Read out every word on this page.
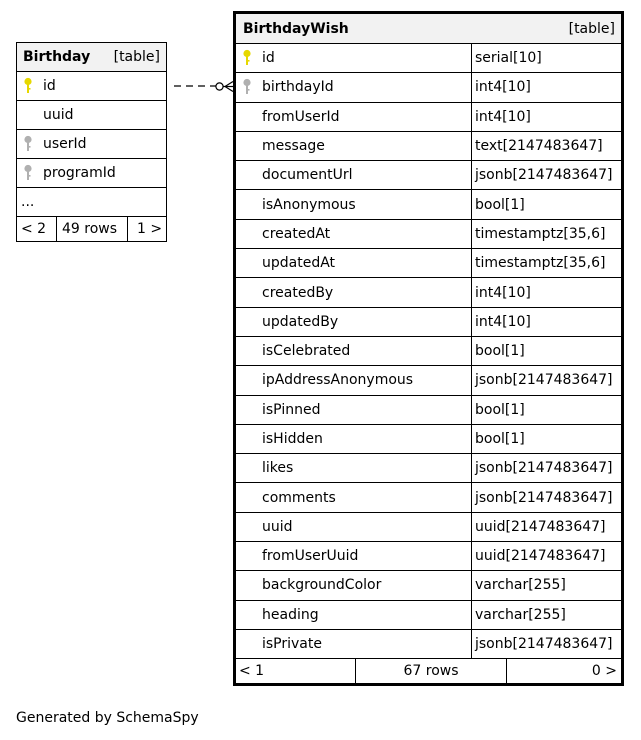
Birthday [table]
id
uuid
userId
programId
...
< 2	49 rows	1 >
BirthdayWish	[table]
id	serial[10]
birthdayId	int4[10]
fromUserId	int4[10]
message	text[2147483647]
documentUrl	jsonb[2147483647]
isAnonymous	bool[1]
createdAt	timestamptz[35,6]
updatedAt	timestamptz[35,6]
createdBy	int4[10]
updatedBy	int4[10]
isCelebrated	bool[1]
ipAddressAnonymous	jsonb[2147483647]
isPinned	bool[1]
isHidden	bool[1]
likes	jsonb[2147483647]
comments	jsonb[2147483647]
uuid	uuid[2147483647]
fromUserUuid	uuid[2147483647]
backgroundColor	varchar[255]
heading	varchar[255]
isPrivate	jsonb[2147483647]
< 1	67 rows	0 >
Generated by SchemaSpy
